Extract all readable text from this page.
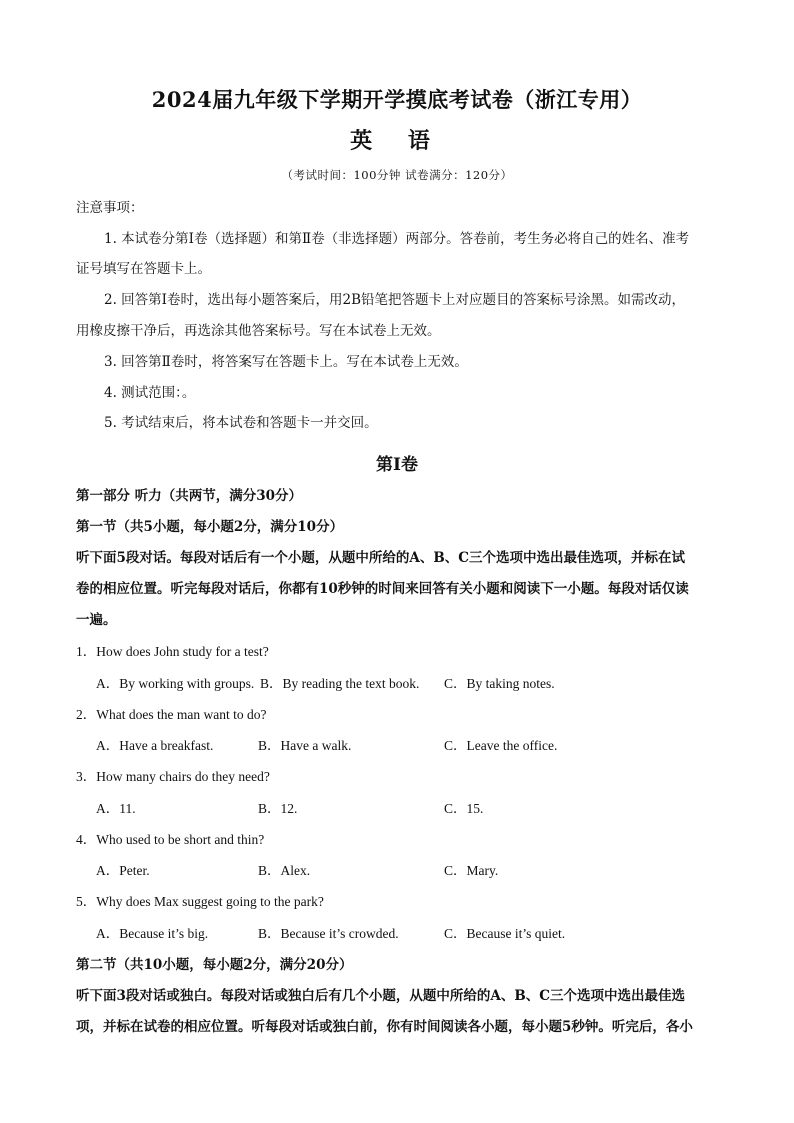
2024届九年级下学期开学摸底考试卷（浙江专用）
英 语
（考试时间：100分钟 试卷满分：120分）
注意事项：
1. 本试卷分第Ⅰ卷（选择题）和第Ⅱ卷（非选择题）两部分。答卷前，考生务必将自己的姓名、准考
证号填写在答题卡上。
2. 回答第Ⅰ卷时，选出每小题答案后，用2B铅笔把答题卡上对应题目的答案标号涂黑。如需改动，
用橡皮擦干净后，再选涂其他答案标号。写在本试卷上无效。
3. 回答第Ⅱ卷时，将答案写在答题卡上。写在本试卷上无效。
4. 测试范围：。
5. 考试结束后，将本试卷和答题卡一并交回。
第Ⅰ卷
第一部分 听力（共两节，满分30分）
第一节（共5小题，每小题2分，满分10分）
听下面5段对话。每段对话后有一个小题，从题中所给的A、B、C三个选项中选出最佳选项，并标在试
卷的相应位置。听完每段对话后，你都有10秒钟的时间来回答有关小题和阅读下一小题。每段对话仅读
一遍。
1．How does John study for a test?
A．By working with groups. B．By reading the text book. C．By taking notes.
2．What does the man want to do?
A．Have a breakfast.	B．Have a walk.	C．Leave the office.
3．How many chairs do they need?
A．11.	B．12.	C．15.
4．Who used to be short and thin?
A．Peter.	B．Alex.	C．Mary.
5．Why does Max suggest going to the park?
A．Because it’s big.	B．Because it’s crowded.	C．Because it’s quiet.
第二节（共10小题，每小题2分，满分20分）
听下面3段对话或独白。每段对话或独白后有几个小题，从题中所给的A、B、C三个选项中选出最佳选
项，并标在试卷的相应位置。听每段对话或独白前，你有时间阅读各小题，每小题5秒钟。听完后，各小
